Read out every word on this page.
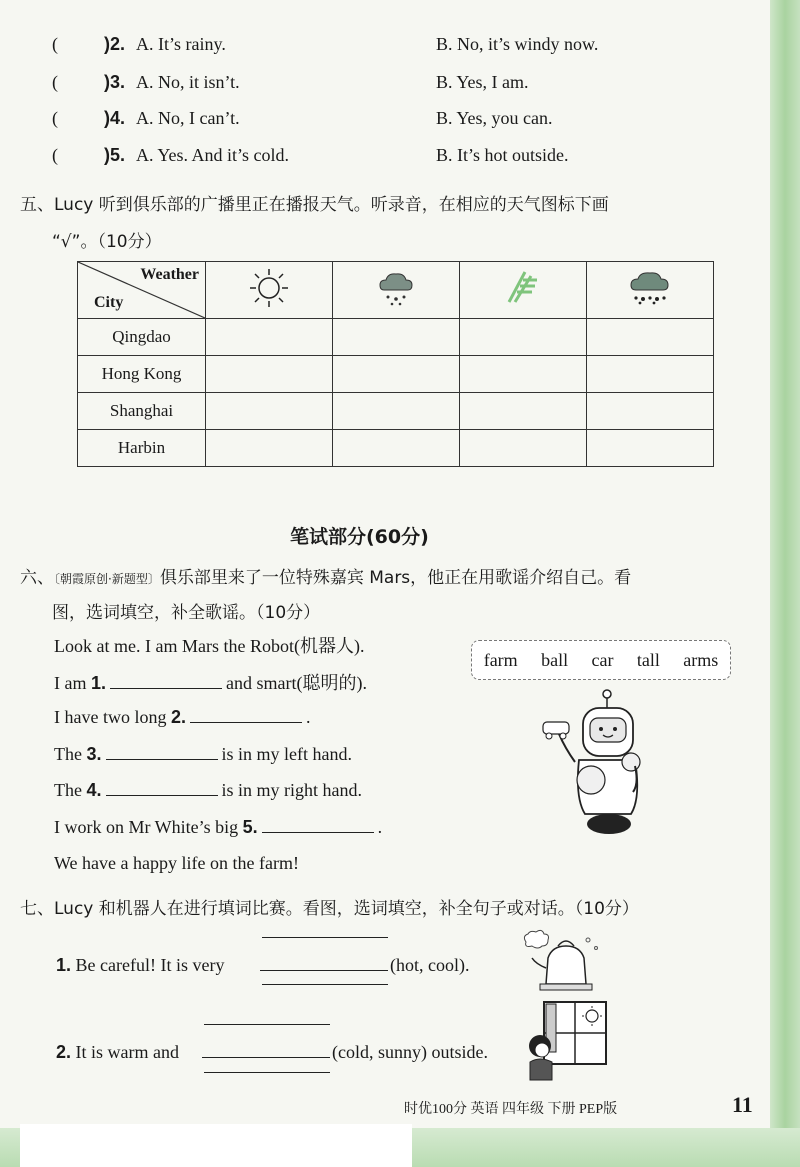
(	)2. A. It’s rainy.	B. No, it’s windy now.
(	)3. A. No, it isn’t.	B. Yes, I am.
(	)4. A. No, I can’t.	B. Yes, you can.
(	)5. A. Yes. And it’s cold.	B. It’s hot outside.
五、Lucy 听到俱乐部的广播里正在播报天气。听录音，在相应的天气图标下画
“√”。（10分）
Weather
City

Qingdao				
Hong Kong				
Shanghai				
Harbin				
笔试部分(60分)
六、〔朝霞原创·新题型〕俱乐部里来了一位特殊嘉宾 Mars，他正在用歌谣介绍自己。看
图，选词填空，补全歌谣。（10分）
farm ball car tall arms
Look at me. I am Mars the Robot(机器人).
I am 1.	and smart(聪明的).
I have two long 2.	.
The 3.	is in my left hand.
The 4.	is in my right hand.
I work on Mr White’s big 5.	.
We have a happy life on the farm!
七、Lucy 和机器人在进行填词比赛。看图，选词填空，补全句子或对话。（10分）
1. Be careful! It is very	(hot, cool).
2. It is warm and	(cold, sunny) outside.
时优100分 英语 四年级 下册 PEP版	11
